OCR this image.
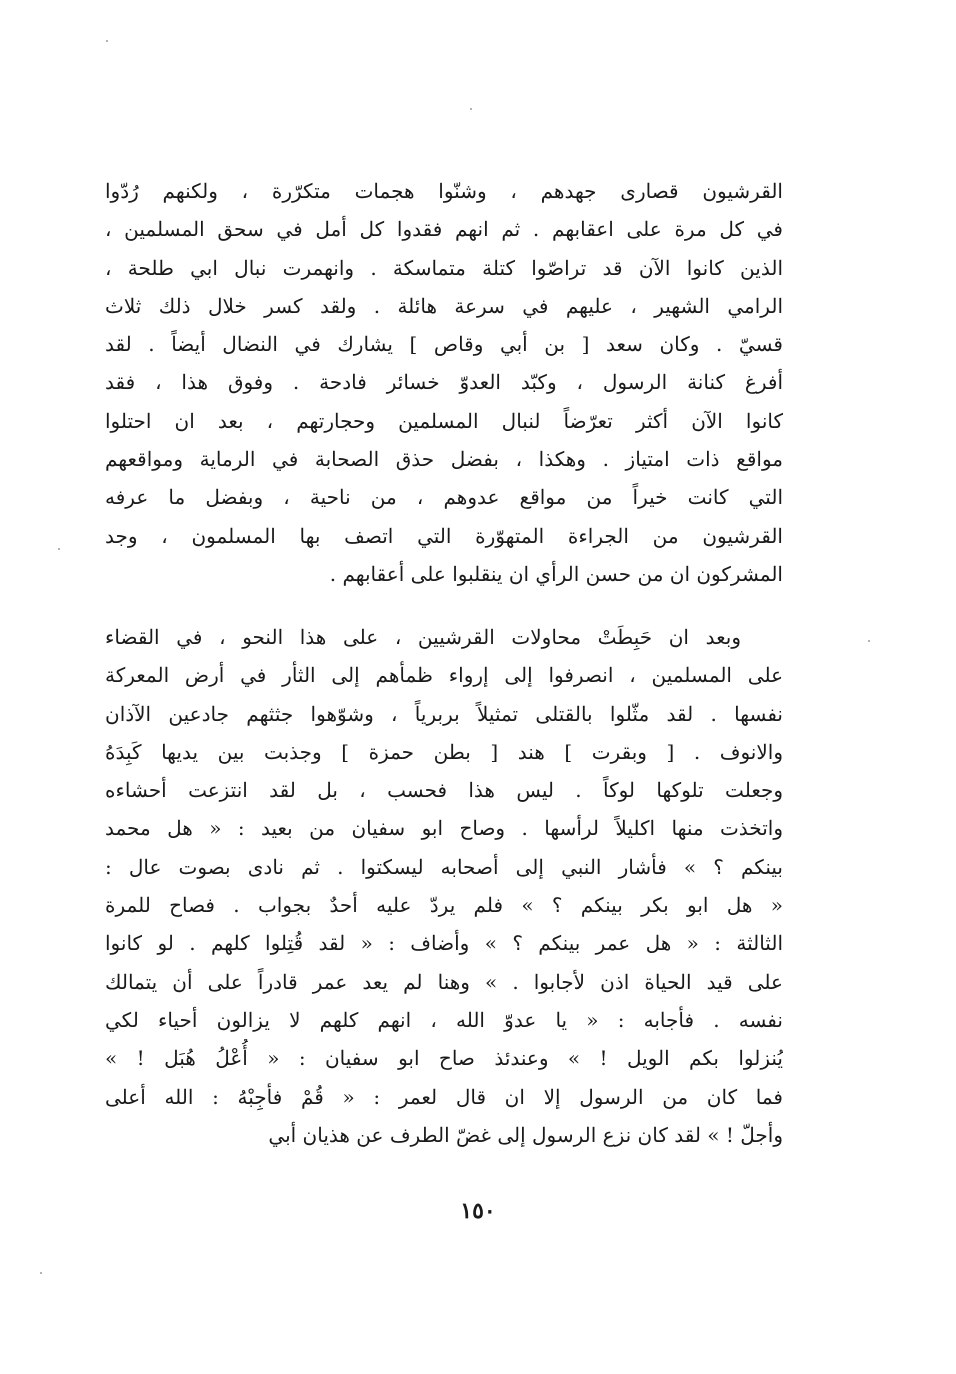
القرشيون قصارى جهدهم ، وشنّوا هجمات متكرّرة ، ولكنهم رُدّوا
في كل مرة على اعقابهم . ثم انهم فقدوا كل أمل في سحق المسلمين ،
الذين كانوا الآن قد تراصّوا كتلة متماسكة . وانهمرت نبال ابي طلحة ،
الرامي الشهير ، عليهم في سرعة هائلة . ولقد كسر خلال ذلك ثلاث
قسيّ . وكان سعد [ بن أبي وقاص ] يشارك في النضال أيضاً . لقد
أفرغ كنانة الرسول ، وكبّد العدوّ خسائر فادحة . وفوق هذا ، فقد
كانوا الآن أكثر تعرّضاً لنبال المسلمين وحجارتهم ، بعد ان احتلوا
مواقع ذات امتياز . وهكذا ، بفضل حذق الصحابة في الرماية ومواقعهم
التي كانت خيراً من مواقع عدوهم ، من ناحية ، وبفضل ما عرفه
القرشيون من الجراءة المتهوّرة التي اتصف بها المسلمون ، وجد
المشركون ان من حسن الرأي ان ينقلبوا على أعقابهم .
وبعد ان حَبِطَتْ محاولات القرشيين ، على هذا النحو ، في القضاء
على المسلمين ، انصرفوا إلى إرواء ظمأهم إلى الثأر في أرض المعركة
نفسها . لقد مثّلوا بالقتلى تمثيلاً بربرياً ، وشوّهوا جثثهم جادعين الآذان
والانوف . [ وبقرت ] هند [ بطن حمزة ] وجذبت بين يديها كَبِدَهُ
وجعلت تلوكها لوكاً . ليس هذا فحسب ، بل لقد انتزعت أحشاءه
واتخذت منها اكليلاً لرأسها . وصاح ابو سفيان من بعيد : « هل محمد
بينكم ؟ » فأشار النبي إلى أصحابه ليسكتوا . ثم نادى بصوت عال :
« هل ابو بكر بينكم ؟ » فلم يردّ عليه أحدٌ بجواب . فصاح للمرة
الثالثة : « هل عمر بينكم ؟ » وأضاف : « لقد قُتِلوا كلهم . لو كانوا
على قيد الحياة اذن لأجابوا . » وهنا لم يعد عمر قادراً على أن يتمالك
نفسه . فأجابه : « يا عدوّ الله ، انهم كلهم لا يزالون أحياء لكي
يُنزلوا بكم الويل ! » وعندئذ صاح ابو سفيان : « أُعْلُ هُبَل ! »
فما كان من الرسول إلا ان قال لعمر : « قُمْ فأجِبْهُ : الله أعلى
وأجلّ ! » لقد كان نزع الرسول إلى غضّ الطرف عن هذيان أبي
١٥٠
